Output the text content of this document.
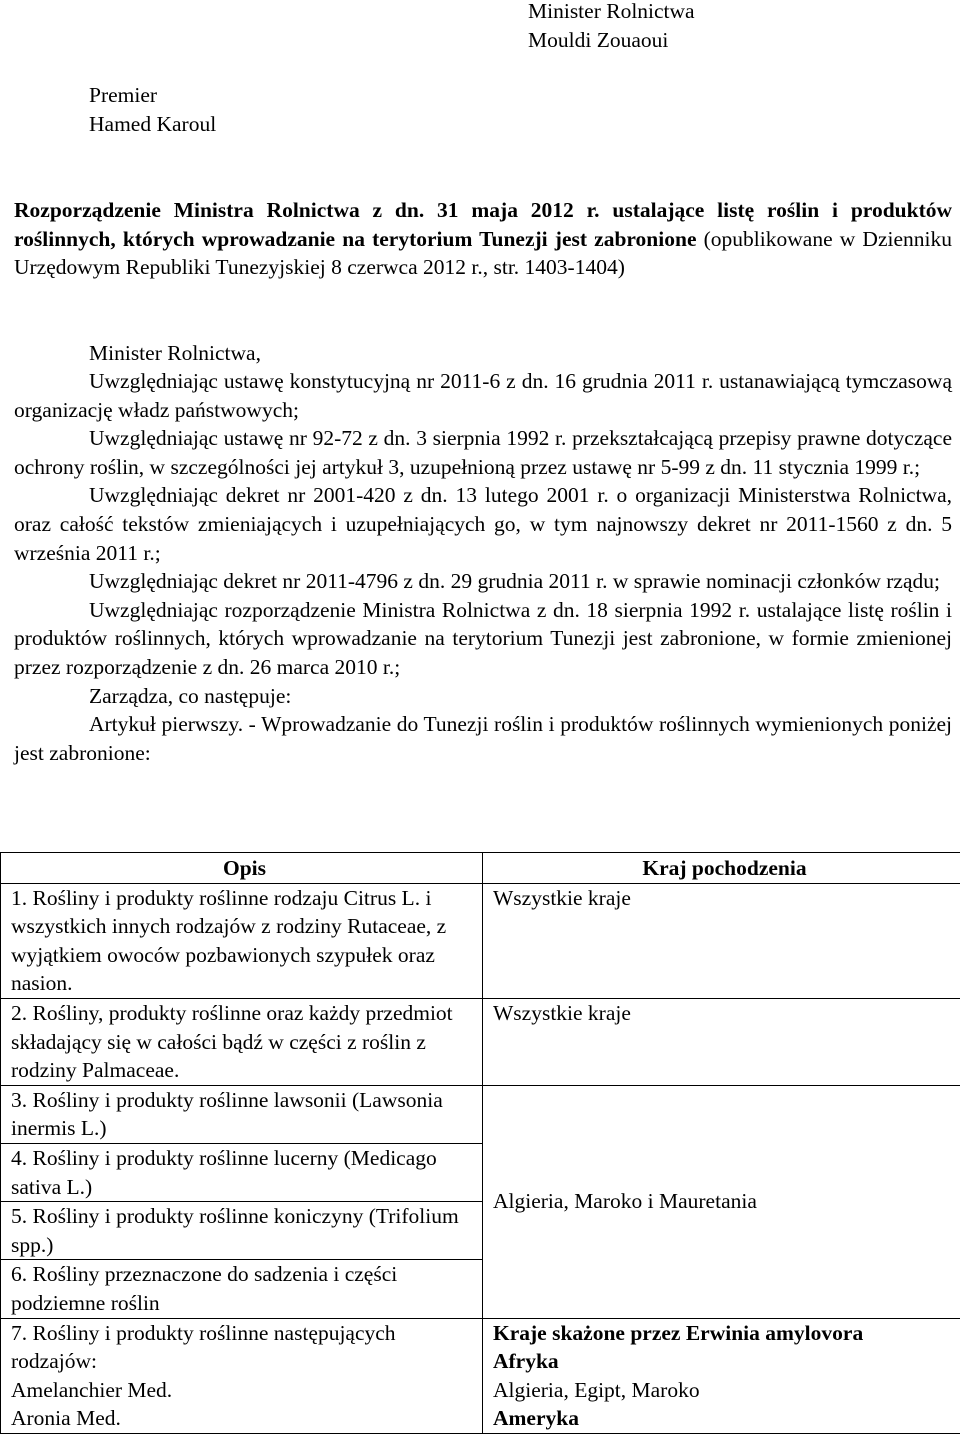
Minister Rolnictwa
Mouldi Zouaoui
Premier
Hamed Karoul
Rozporządzenie Ministra Rolnictwa z dn. 31 maja 2012 r. ustalające listę roślin i produktów roślinnych, których wprowadzanie na terytorium Tunezji jest zabronione (opublikowane w Dzienniku Urzędowym Republiki Tunezyjskiej 8 czerwca 2012 r., str. 1403-1404)
Minister Rolnictwa,

Uwzględniając ustawę konstytucyjną nr 2011-6 z dn. 16 grudnia 2011 r. ustanawiającą tymczasową organizację władz państwowych;

Uwzględniając ustawę nr 92-72 z dn. 3 sierpnia 1992 r. przekształcającą przepisy prawne dotyczące ochrony roślin, w szczególności jej artykuł 3, uzupełnioną przez ustawę nr 5-99 z dn. 11 stycznia 1999 r.;

Uwzględniając dekret nr 2001-420 z dn. 13 lutego 2001 r. o organizacji Ministerstwa Rolnictwa, oraz całość tekstów zmieniających i uzupełniających go, w tym najnowszy dekret nr 2011-1560 z dn. 5 września 2011 r.;

Uwzględniając dekret nr 2011-4796 z dn. 29 grudnia 2011 r. w sprawie nominacji członków rządu;

Uwzględniając rozporządzenie Ministra Rolnictwa z dn. 18 sierpnia 1992 r. ustalające listę roślin i produktów roślinnych, których wprowadzanie na terytorium Tunezji jest zabronione, w formie zmienionej przez rozporządzenie z dn. 26 marca 2010 r.;

Zarządza, co następuje:

Artykuł pierwszy. - Wprowadzanie do Tunezji roślin i produktów roślinnych wymienionych poniżej jest zabronione:

Opis	Kraj pochodzenia
1. Rośliny i produkty roślinne rodzaju Citrus L. i wszystkich innych rodzajów z rodziny Rutaceae, z wyjątkiem owoców pozbawionych szypułek oraz nasion.	Wszystkie kraje
2. Rośliny, produkty roślinne oraz każdy przedmiot składający się w całości bądź w części z roślin z rodziny Palmaceae.	Wszystkie kraje
3. Rośliny i produkty roślinne lawsonii (Lawsonia inermis L.)	Algieria, Maroko i Mauretania
4. Rośliny i produkty roślinne lucerny (Medicago sativa L.)	
5. Rośliny i produkty roślinne koniczyny (Trifolium spp.)	
6. Rośliny przeznaczone do sadzenia i części podziemne roślin	

7. Rośliny i produkty roślinne następujących rodzajów:
Amelanchier Med.
Aronia Med.	Kraje skażone przez Erwinia amylovora
Afryka
Algieria, Egipt, Maroko
Ameryka
